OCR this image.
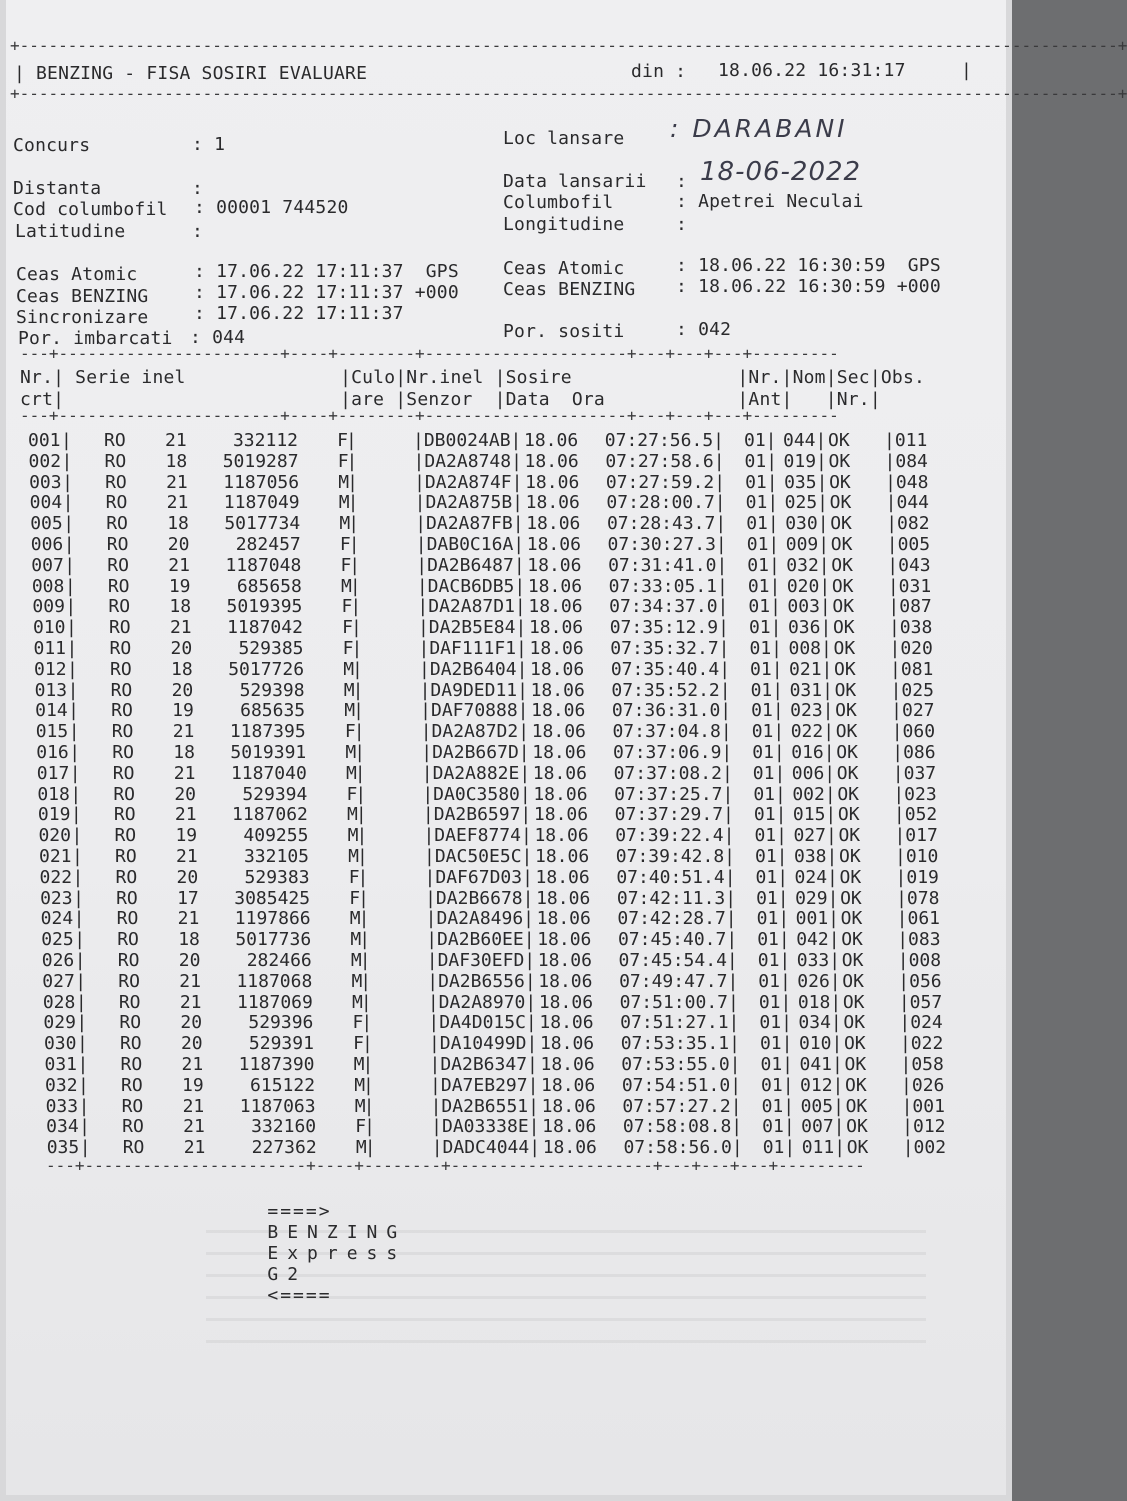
+------------------------------------------------------------------------------------------------------------------+
| BENZING - FISA SOSIRI EVALUARE	din : 18.06.22 16:31:17	|
+------------------------------------------------------------------------------------------------------------------+
Concurs	: 1
Distanta	:
Cod columbofil : 00001 744520
Latitudine	:
Loc lansare : DARABANI
Data lansarii : 18-06-2022
Columbofil	: Apetrei Neculai
Longitudine	:
Ceas Atomic	: 17.06.22 17:11:37  GPS
Ceas BENZING	: 17.06.22 17:11:37 +000
Sincronizare	: 17.06.22 17:11:37
Por. imbarcati : 044
Ceas Atomic	: 18.06.22 16:30:59  GPS
Ceas BENZING : 18.06.22 16:30:59 +000
Por. sositi	: 042
---+-----------------------+----+--------+---------------------+---+---+---+---------
Nr.| Serie inel              |Culo|Nr.inel |Sosire               |Nr.|Nom|Sec|Obs.
crt|                         |are |Senzor  |Data  Ora            |Ant|   |Nr.|
---+-----------------------+----+--------+---------------------+---+---+---+---------
001 RO 21	332112	F	|DB0024AB| 18.06 07:27:56.5| 01| 044| OK |011
|	|
002 RO 18	5019287	F	|DA2A8748| 18.06 07:27:58.6| 01| 019| OK |084
|	|
003 RO 21	1187056	M	|DA2A874F| 18.06 07:27:59.2| 01| 035| OK |048
|	|
004 RO 21	1187049	M	|DA2A875B| 18.06 07:28:00.7| 01| 025| OK |044
|	|
005 RO 18	5017734	M	|DA2A87FB| 18.06 07:28:43.7| 01| 030| OK |082
|	|
006 RO 20	282457	F	|DAB0C16A| 18.06 07:30:27.3| 01| 009| OK |005
|	|
007 RO 21	1187048	F	|DA2B6487| 18.06 07:31:41.0| 01| 032| OK |043
|	|
008 RO 19	685658	M	|DACB6DB5| 18.06 07:33:05.1| 01| 020| OK |031
|	|
009 RO 18	5019395	F	|DA2A87D1| 18.06 07:34:37.0| 01| 003| OK |087
|	|
010 RO 21	1187042	F	|DA2B5E84| 18.06 07:35:12.9| 01| 036| OK |038
|	|
011 RO 20	529385	F	|DAF111F1| 18.06 07:35:32.7| 01| 008| OK |020
|	|
012 RO 18	5017726	M	|DA2B6404| 18.06 07:35:40.4| 01| 021| OK |081
|	|
013 RO 20	529398	M	|DA9DED11| 18.06 07:35:52.2| 01| 031| OK |025
|	|
014 RO 19	685635	M	|DAF70888| 18.06 07:36:31.0| 01| 023| OK |027
|	|
015 RO 21	1187395	F	|DA2A87D2| 18.06 07:37:04.8| 01| 022| OK |060
|	|
016 RO 18	5019391	M	|DA2B667D| 18.06 07:37:06.9| 01| 016| OK |086
|	|
017 RO 21	1187040	M	|DA2A882E| 18.06 07:37:08.2| 01| 006| OK |037
|	|
018 RO 20	529394	F	|DA0C3580| 18.06 07:37:25.7| 01| 002| OK |023
|	|
019 RO 21	1187062	M	|DA2B6597| 18.06 07:37:29.7| 01| 015| OK |052
|	|
020 RO 19	409255	M	|DAEF8774| 18.06 07:39:22.4| 01| 027| OK |017
|	|
021 RO 21	332105	M	|DAC50E5C| 18.06 07:39:42.8| 01| 038| OK |010
|	|
022 RO 20	529383	F	|DAF67D03| 18.06 07:40:51.4| 01| 024| OK |019
|	|
023 RO 17	3085425	F	|DA2B6678| 18.06 07:42:11.3| 01| 029| OK |078
|	|
024 RO 21	1197866	M	|DA2A8496| 18.06 07:42:28.7| 01| 001| OK |061
|	|
025 RO 18	5017736	M	|DA2B60EE| 18.06 07:45:40.7| 01| 042| OK |083
|	|
026 RO 20	282466	M	|DAF30EFD| 18.06 07:45:54.4| 01| 033| OK |008
|	|
027 RO 21	1187068	M	|DA2B6556| 18.06 07:49:47.7| 01| 026| OK |056
|	|
028 RO 21	1187069	M	|DA2A8970| 18.06 07:51:00.7| 01| 018| OK |057
|	|
029 RO 20	529396	F	|DA4D015C| 18.06 07:51:27.1| 01| 034| OK |024
|	|
030 RO 20	529391	F	|DA10499D| 18.06 07:53:35.1| 01| 010| OK |022
|	|
031 RO 21	1187390	M	|DA2B6347| 18.06 07:53:55.0| 01| 041| OK |058
|	|
032 RO 19	615122	M	|DA7EB297| 18.06 07:54:51.0| 01| 012| OK |026
|	|
033 RO 21	1187063	M	|DA2B6551| 18.06 07:57:27.2| 01| 005| OK |001
|	|
034 RO 21	332160	F	|DA03338E| 18.06 07:58:08.8| 01| 007| OK |012
|	|
035 RO 21	227362	M	|DADC4044| 18.06 07:58:56.0| 01| 011| OK |002
|	|
---+-----------------------+----+--------+---------------------+---+---+---+---------

====>
BENZING
Express
G2
<====
